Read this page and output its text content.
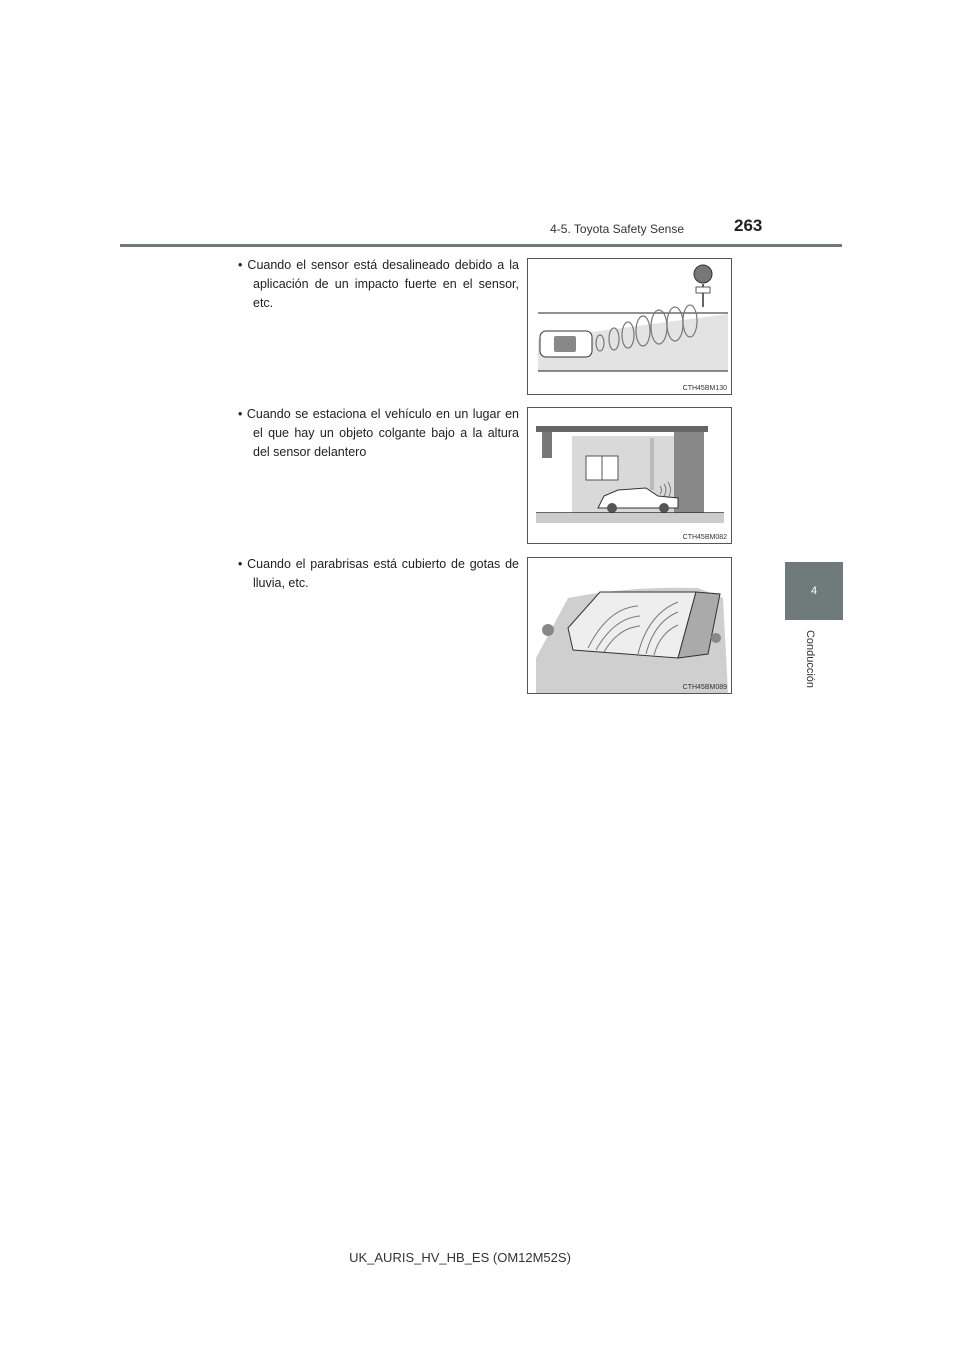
4-5. Toyota Safety Sense	263
4
Conducción
• Cuando el sensor está desalineado debido a la aplicación de un impacto fuerte en el sensor, etc.
CTH45BM130
• Cuando se estaciona el vehículo en un lugar en el que hay un objeto colgante bajo a la altura del sensor delantero
CTH45BM082
• Cuando el parabrisas está cubierto de gotas de lluvia, etc.
CTH45BM089
UK_AURIS_HV_HB_ES (OM12M52S)
